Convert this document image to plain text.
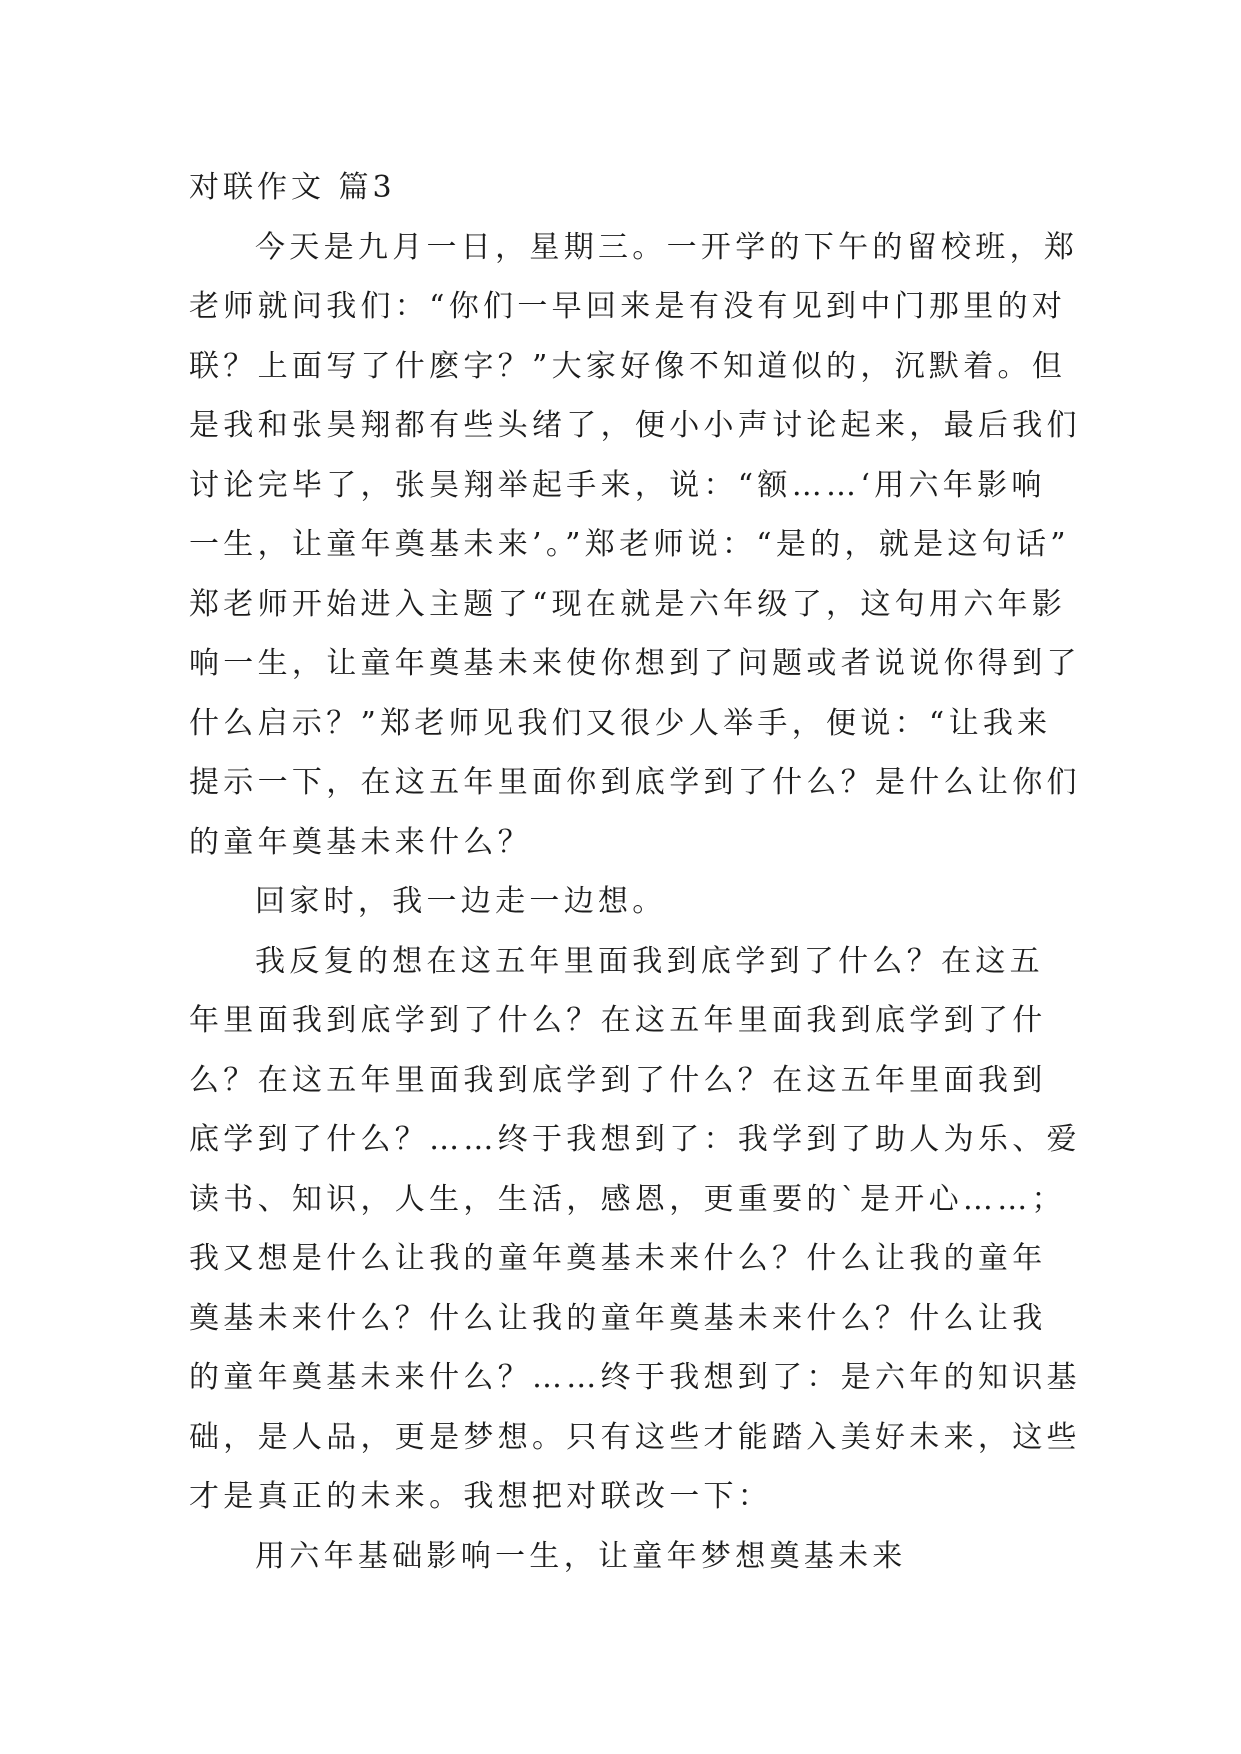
对联作文 篇3

今天是九月一日，星期三。一开学的下午的留校班，郑
老师就问我们：“你们一早回来是有没有见到中门那里的对
联？上面写了什麽字？”大家好像不知道似的，沉默着。但
是我和张昊翔都有些头绪了，便小小声讨论起来，最后我们
讨论完毕了，张昊翔举起手来，说：“额……‘用六年影响
一生，让童年奠基未来’。”郑老师说：“是的，就是这句话”
郑老师开始进入主题了“现在就是六年级了，这句用六年影
响一生，让童年奠基未来使你想到了问题或者说说你得到了
什么启示？”郑老师见我们又很少人举手，便说：“让我来
提示一下，在这五年里面你到底学到了什么？是什么让你们
的童年奠基未来什么？

回家时，我一边走一边想。

我反复的想在这五年里面我到底学到了什么？在这五
年里面我到底学到了什么？在这五年里面我到底学到了什
么？在这五年里面我到底学到了什么？在这五年里面我到
底学到了什么？……终于我想到了：我学到了助人为乐、爱
读书、知识，人生，生活，感恩，更重要的`是开心……；
我又想是什么让我的童年奠基未来什么？什么让我的童年
奠基未来什么？什么让我的童年奠基未来什么？什么让我
的童年奠基未来什么？……终于我想到了：是六年的知识基
础，是人品，更是梦想。只有这些才能踏入美好未来，这些
才是真正的未来。我想把对联改一下：

用六年基础影响一生，让童年梦想奠基未来
